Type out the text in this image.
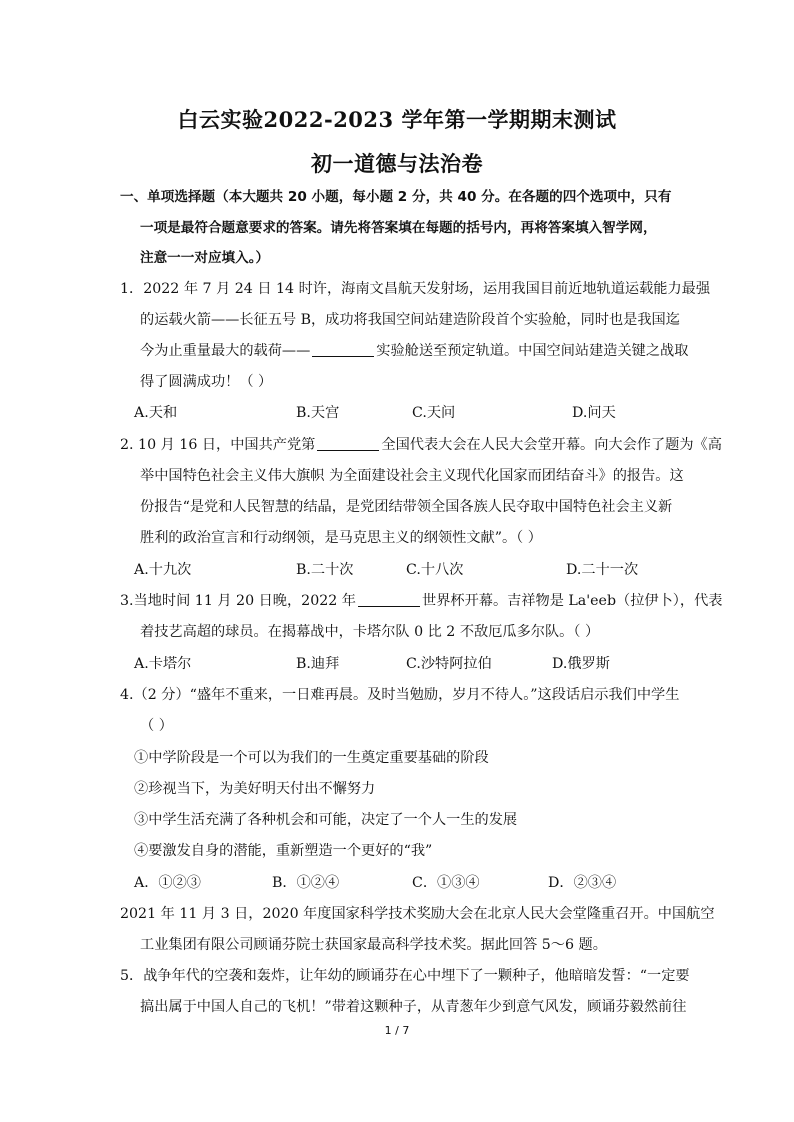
白云实验2022-2023 学年第一学期期末测试
初一道德与法治卷
一、单项选择题（本大题共 20 小题，每小题 2 分，共 40 分。在各题的四个选项中，只有
一项是最符合题意要求的答案。请先将答案填在每题的括号内，再将答案填入智学网，
注意一一对应填入。）
1．2022 年 7 月 24 日 14 时许，海南文昌航天发射场，运用我国目前近地轨道运载能力最强
的运载火箭——长征五号 B，成功将我国空间站建造阶段首个实验舱，同时也是我国迄
今为止重量最大的载荷——	实验舱送至预定轨道。中国空间站建造关键之战取
得了圆满成功！（ ）
A.天和	B.天宫	C.天问	D.问天
2. 10 月 16 日，中国共产党第	全国代表大会在人民大会堂开幕。向大会作了题为《高
举中国特色社会主义伟大旗帜 为全面建设社会主义现代化国家而团结奋斗》的报告。这
份报告“是党和人民智慧的结晶，是党团结带领全国各族人民夺取中国特色社会主义新
胜利的政治宣言和行动纲领，是马克思主义的纲领性文献”。（ ）
A.十九次	B.二十次	C.十八次	D.二十一次
3.当地时间 11 月 20 日晚，2022 年	世界杯开幕。吉祥物是 La'eeb（拉伊卜），代表
着技艺高超的球员。在揭幕战中，卡塔尔队 0 比 2 不敌厄瓜多尔队。（ ）
A.卡塔尔	B.迪拜	C.沙特阿拉伯	D.俄罗斯
4.（2 分）“盛年不重来，一日难再晨。及时当勉励，岁月不待人。”这段话启示我们中学生
（ ）
①中学阶段是一个可以为我们的一生奠定重要基础的阶段
②珍视当下，为美好明天付出不懈努力
③中学生活充满了各种机会和可能，决定了一个人一生的发展
④要激发自身的潜能，重新塑造一个更好的“我”
A．①②③	B．①②④	C．①③④	D．②③④
2021 年 11 月 3 日，2020 年度国家科学技术奖励大会在北京人民大会堂隆重召开。中国航空
工业集团有限公司顾诵芬院士获国家最高科学技术奖。据此回答 5～6 题。
5．战争年代的空袭和轰炸，让年幼的顾诵芬在心中埋下了一颗种子，他暗暗发誓：“一定要
搞出属于中国人自己的飞机！”带着这颗种子，从青葱年少到意气风发，顾诵芬毅然前往
1 / 7
